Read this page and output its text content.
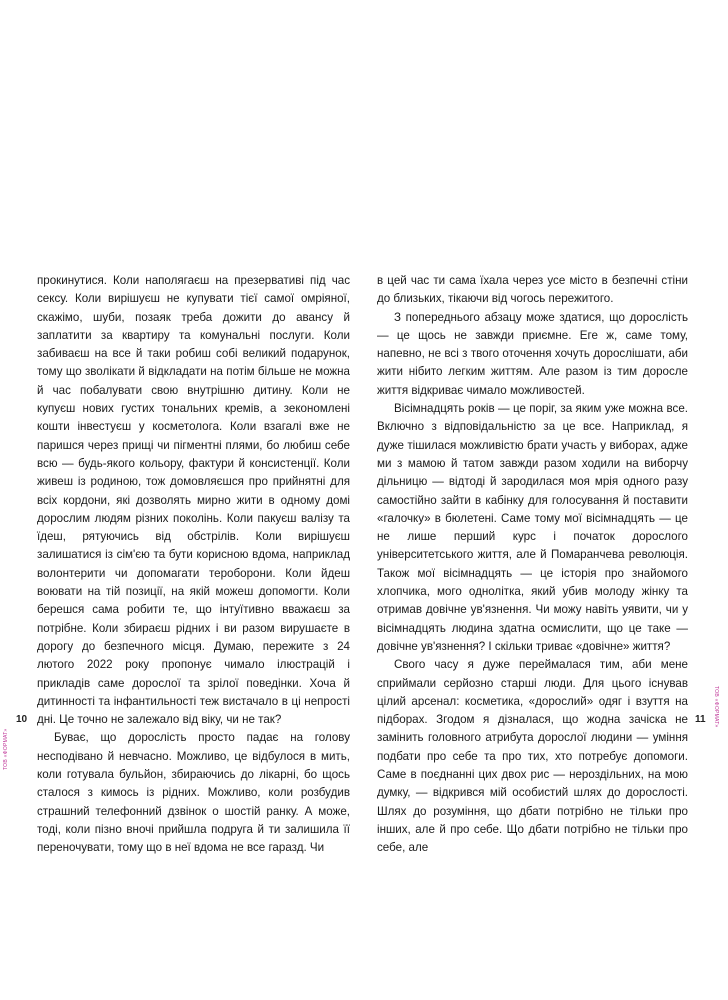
прокинутися. Коли наполягаєш на презервативі під час сексу. Коли вирішуєш не купувати тієї самої омріяної, скажімо, шуби, позаяк треба дожити до авансу й заплатити за квартиру та комунальні послуги. Коли забиваєш на все й таки робиш собі великий подарунок, тому що зволікати й відкладати на потім більше не можна й час побалувати свою внутрішню дитину. Коли не купуєш нових густих тональних кремів, а зекономлені кошти інвестуєш у косметолога. Коли взагалі вже не паришся через прищі чи пігментні плями, бо любиш себе всю — будь-якого кольору, фактури й консистенції. Коли живеш із родиною, тож домовляєшся про прийнятні для всіх кордони, які дозволять мирно жити в одному домі дорослим людям різних поколінь. Коли пакуєш валізу та їдеш, рятуючись від обстрілів. Коли вирішуєш залишатися із сім'єю та бути корисною вдома, наприклад волонтерити чи допомагати тероборони. Коли йдеш воювати на тій позиції, на якій можеш допомогти. Коли берешся сама робити те, що інтуїтивно вважаєш за потрібне. Коли збираєш рідних і ви разом вирушаєте в дорогу до безпечного місця. Думаю, пережите з 24 лютого 2022 року пропонує чимало ілюстрацій і прикладів саме дорослої та зрілої поведінки. Хоча й дитинності та інфантильності теж вистачало в ці непрості дні. Це точно не залежало від віку, чи не так?

Буває, що дорослість просто падає на голову несподівано й невчасно. Можливо, це відбулося в мить, коли готувала бульйон, збираючись до лікарні, бо щось сталося з кимось із рідних. Можливо, коли розбудив страшний телефонний дзвінок о шостій ранку. А може, тоді, коли пізно вночі прийшла подруга й ти залишила її переночувати, тому що в неї вдома не все гаразд. Чи

в цей час ти сама їхала через усе місто в безпечні стіни до близьких, тікаючи від чогось пережитого.

З попереднього абзацу може здатися, що дорослість — це щось не завжди приємне. Еге ж, саме тому, напевно, не всі з твого оточення хочуть дорослішати, аби жити нібито легким життям. Але разом із тим доросле життя відкриває чимало можливостей.

Вісімнадцять років — це поріг, за яким уже можна все. Включно з відповідальністю за це все. Наприклад, я дуже тішилася можливістю брати участь у виборах, адже ми з мамою й татом завжди разом ходили на виборчу дільницю — відтоді й зародилася моя мрія одного разу самостійно зайти в кабінку для голосування й поставити «галочку» в бюлетені. Саме тому мої вісімнадцять — це не лише перший курс і початок дорослого університетського життя, але й Помаранчева революція. Також мої вісімнадцять — це історія про знайомого хлопчика, мого однолітка, який убив молоду жінку та отримав довічне ув'язнення. Чи можу навіть уявити, чи у вісімнадцять людина здатна осмислити, що це таке — довічне ув'язнення? І скільки триває «довічне» життя?

Свого часу я дуже переймалася тим, аби мене сприймали серйозно старші люди. Для цього існував цілий арсенал: косметика, «дорослий» одяг і взуття на підборах. Згодом я дізналася, що жодна зачіска не замінить головного атрибута дорослої людини — уміння подбати про себе та про тих, хто потребує допомоги. Саме в поєднанні цих двох рис — нероздільних, на мою думку, — відкрився мій особистий шлях до дорослості. Шлях до розуміння, що дбати потрібно не тільки про інших, але й про себе. Що дбати потрібно не тільки про себе, але

10	11
ТОВ «ФОРМАТ»
ТОВ «ФОРМАТ»
